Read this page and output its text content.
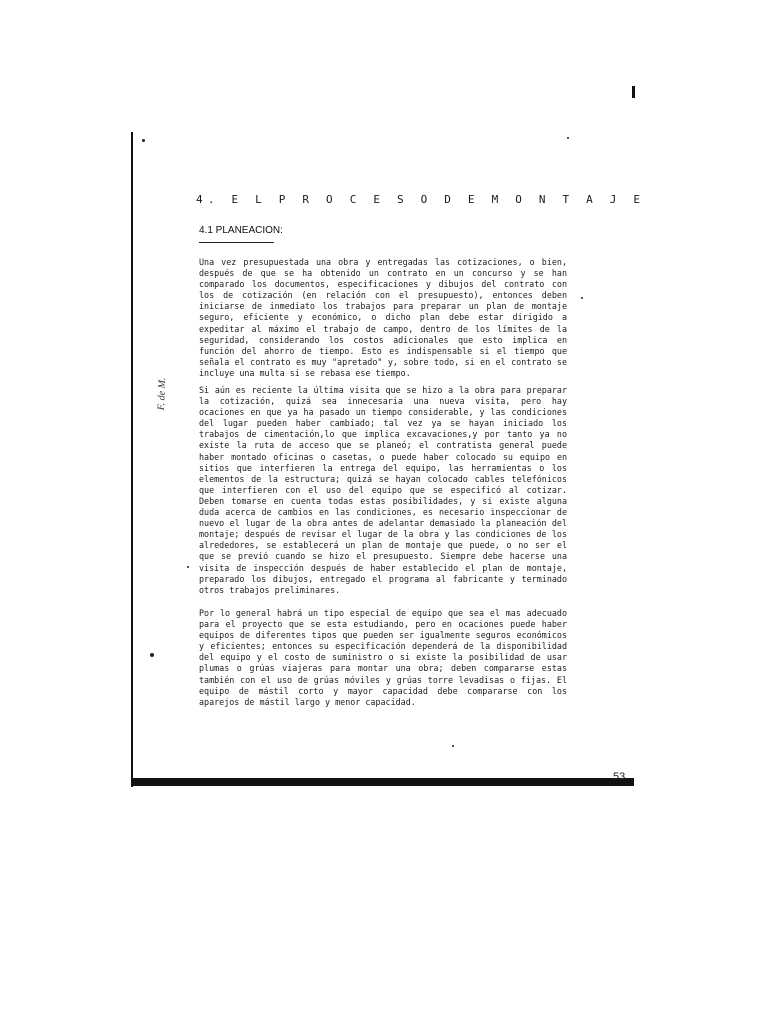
4. E L P R O C E S O D E M O N T A J E
4.1 PLANEACION:

Una vez presupuestada una obra y entregadas las cotizaciones, o bien, después de que se ha obtenido un contrato en un concurso y se han comparado los documentos, especificaciones y dibujos del contrato con los de cotización (en relación con el presupuesto), entonces deben iniciarse de inmediato los trabajos para preparar un plan de montaje seguro, eficiente y económico, o dicho plan debe estar dirigido a expeditar al máximo el trabajo de campo, dentro de los límites de la seguridad, considerando los costos adicionales que esto implica en función del ahorro de tiempo. Esto es indispensable si el tiempo que señala el contrato es muy "apretado" y, sobre todo, si en el contrato se incluye una multa si se rebasa ese tiempo.

Si aún es reciente la última visita que se hizo a la obra para preparar la cotización, quizá sea innecesaria una nueva visita, pero hay ocaciones en que ya ha pasado un tiempo considerable, y las condiciones del lugar pueden haber cambiado; tal vez ya se hayan iniciado los trabajos de cimentación,lo que implica excavaciones,y por tanto ya no existe la ruta de acceso que se planeó; el contratista general puede haber montado oficinas o casetas, o puede haber colocado su equipo en sitios que interfieren la entrega del equipo, las herramientas o los elementos de la estructura; quizá se hayan colocado cables telefónicos que interfieren con el uso del equipo que se especificó al cotizar. Deben tomarse en cuenta todas estas posibilidades, y si existe alguna duda acerca de cambios en las condiciones, es necesario inspeccionar de nuevo el lugar de la obra antes de adelantar demasiado la planeación del montaje; después de revisar el lugar de la obra y las condiciones de los alrededores, se establecerá un plan de montaje que puede, o no ser el que se previó cuando se hizo el presupuesto. Siempre debe hacerse una visita de inspección después de haber establecido el plan de montaje, preparado los dibujos, entregado el programa al fabricante y terminado otros trabajos preliminares.

Por lo general habrá un tipo especial de equipo que sea el mas adecuado para el proyecto que se esta estudiando, pero en ocaciones puede haber equipos de diferentes tipos que pueden ser igualmente seguros económicos y eficientes; entonces su especificación dependerá de la disponibilidad del equipo y el costo de suministro o si existe la posibilidad de usar plumas o grúas viajeras para montar una obra; deben compararse estas también con el uso de grúas móviles y grúas torre levadisas o fijas. El equipo de mástil corto y mayor capacidad debe compararse con los aparejos de mástil largo y menor capacidad.

F. de M.
53
